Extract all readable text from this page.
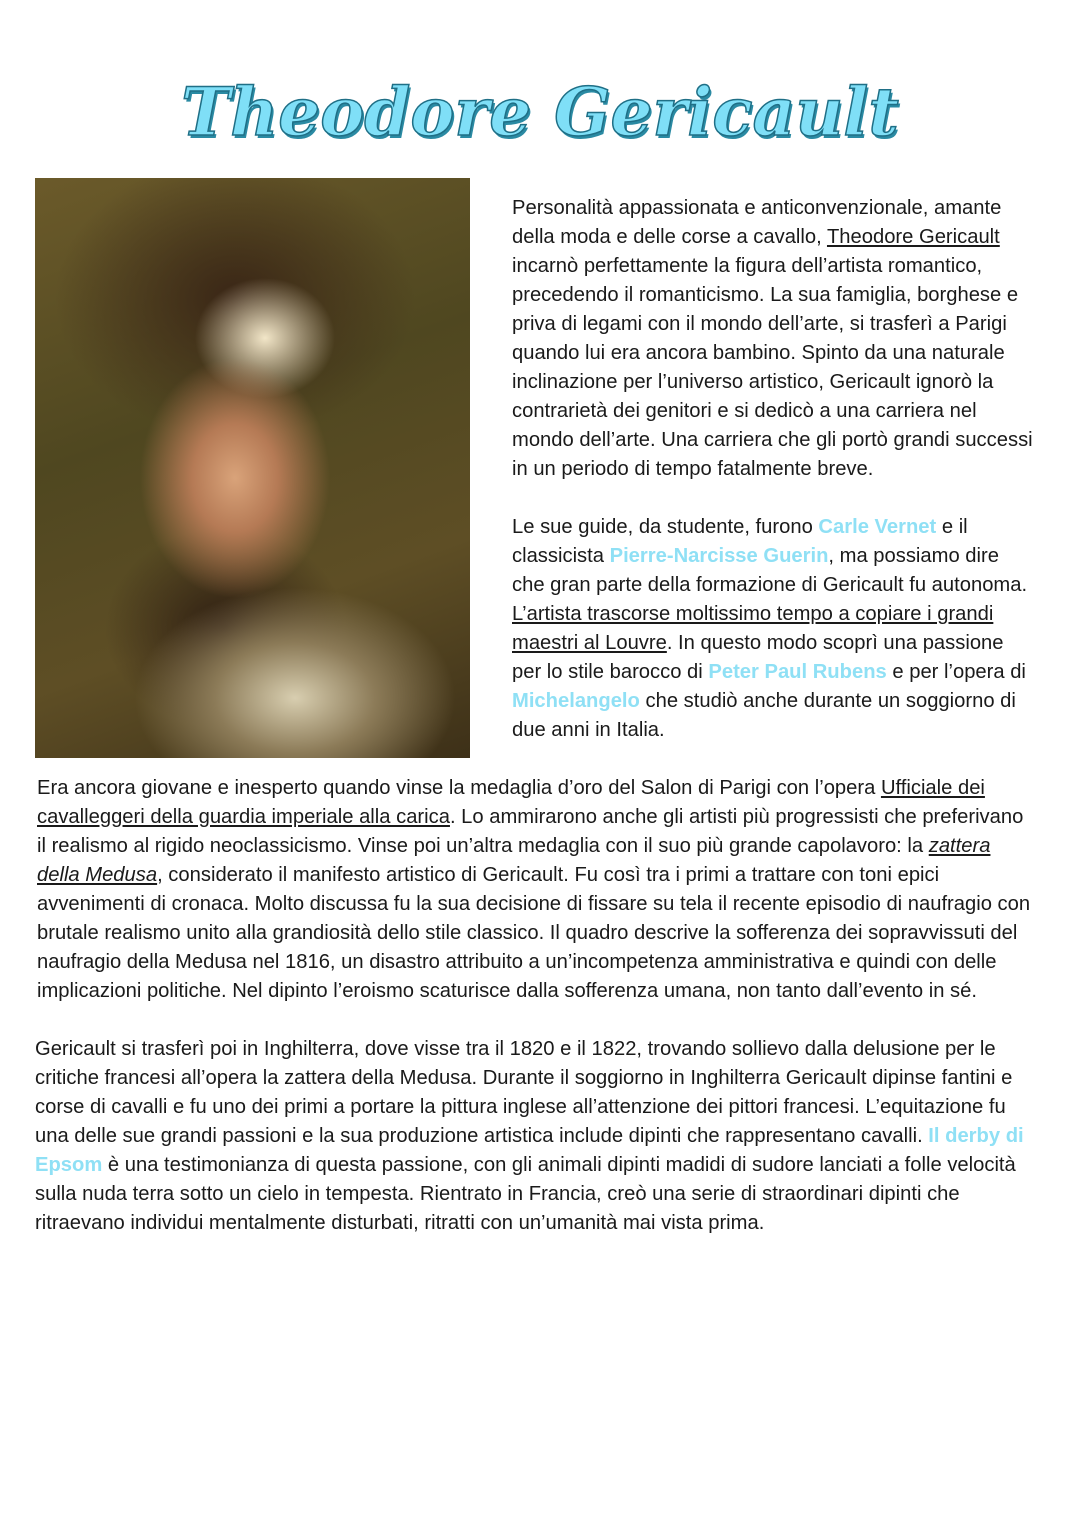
Theodore Gericault

Personalità appassionata e anticonvenzionale, amante della moda e delle corse a cavallo, Theodore Gericault incarnò perfettamente la figura dell’artista romantico, precedendo il romanticismo. La sua famiglia, borghese e priva di legami con il mondo dell’arte, si trasferì a Parigi quando lui era ancora bambino. Spinto da una naturale inclinazione per l’universo artistico, Gericault ignorò la contrarietà dei genitori e si dedicò a una carriera nel mondo dell’arte. Una carriera che gli portò grandi successi in un periodo di tempo fatalmente breve.

Le sue guide, da studente, furono Carle Vernet e il classicista Pierre-Narcisse Guerin, ma possiamo dire che gran parte della formazione di Gericault fu autonoma. L’artista trascorse moltissimo tempo a copiare i grandi maestri al Louvre. In questo modo scoprì una passione per lo stile barocco di Peter Paul Rubens e per l’opera di Michelangelo che studiò anche durante un soggiorno di due anni in Italia.

Era ancora giovane e inesperto quando vinse la medaglia d’oro del Salon di Parigi con l’opera Ufficiale dei cavalleggeri della guardia imperiale alla carica. Lo ammirarono anche gli artisti più progressisti che preferivano il realismo al rigido neoclassicismo. Vinse poi un’altra medaglia con il suo più grande capolavoro: la zattera della Medusa, considerato il manifesto artistico di Gericault. Fu così tra i primi a trattare con toni epici avvenimenti di cronaca. Molto discussa fu la sua decisione di fissare su tela il recente episodio di naufragio con brutale realismo unito alla grandiosità dello stile classico. Il quadro descrive la sofferenza dei sopravvissuti del naufragio della Medusa nel 1816, un disastro attribuito a un’incompetenza amministrativa e quindi con delle implicazioni politiche. Nel dipinto l’eroismo scaturisce dalla sofferenza umana, non tanto dall’evento in sé.

Gericault si trasferì poi in Inghilterra, dove visse tra il 1820 e il 1822, trovando sollievo dalla delusione per le critiche francesi all’opera la zattera della Medusa. Durante il soggiorno in Inghilterra Gericault dipinse fantini e corse di cavalli e fu uno dei primi a portare la pittura inglese all’attenzione dei pittori francesi. L’equitazione fu una delle sue grandi passioni e la sua produzione artistica include dipinti che rappresentano cavalli. Il derby di Epsom è una testimonianza di questa passione, con gli animali dipinti madidi di sudore lanciati a folle velocità sulla nuda terra sotto un cielo in tempesta. Rientrato in Francia, creò una serie di straordinari dipinti che ritraevano individui mentalmente disturbati, ritratti con un’umanità mai vista prima.
